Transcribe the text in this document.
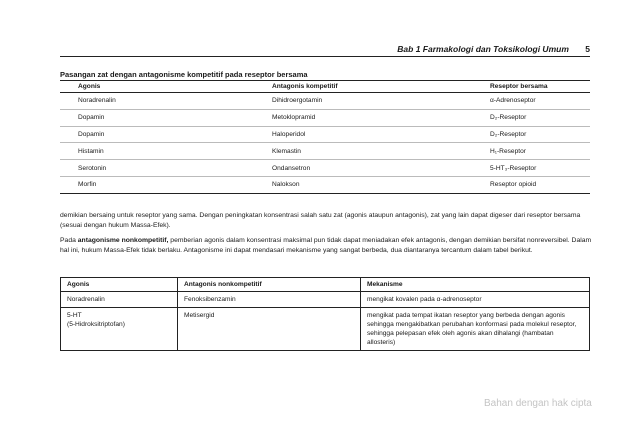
Bab 1 Farmakologi dan Toksikologi Umum 5
Pasangan zat dengan antagonisme kompetitif pada reseptor bersama
Agonis	Antagonis kompetitif	Reseptor bersama
Noradrenalin	Dihidroergotamin	α-Adrenoseptor
Dopamin	Metoklopramid	D₂-Reseptor
Dopamin	Haloperidol	D₂-Reseptor
Histamin	Klemastin	H₁-Reseptor
Serotonin	Ondansetron	5-HT₃-Reseptor
Morfin	Nalokson	Reseptor opioid

demikian bersaing untuk reseptor yang sama. Dengan peningkatan konsentrasi salah satu zat (agonis ataupun antagonis), zat yang lain dapat digeser dari reseptor bersama (sesuai dengan hukum Massa-Efek).

Pada antagonisme nonkompetitif, pemberian agonis dalam konsentrasi maksimal pun tidak dapat meniadakan efek antagonis, dengan demikian bersifat nonreversibel. Dalam hal ini, hukum Massa-Efek tidak berlaku. Antagonisme ini dapat mendasari mekanisme yang sangat berbeda, dua diantaranya tercantum dalam tabel berikut.

Agonis	Antagonis nonkompetitif	Mekanisme
Noradrenalin	Fenoksibenzamin	mengikat kovalen pada α-adrenoseptor
5-HT
(5-Hidroksitriptofan)	Metisergid	mengikat pada tempat ikatan reseptor yang berbeda dengan agonis sehingga mengakibatkan perubahan konformasi pada molekul reseptor, sehingga pelepasan efek oleh agonis akan dihalangi (hambatan allosteris)
Bahan dengan hak cipta
